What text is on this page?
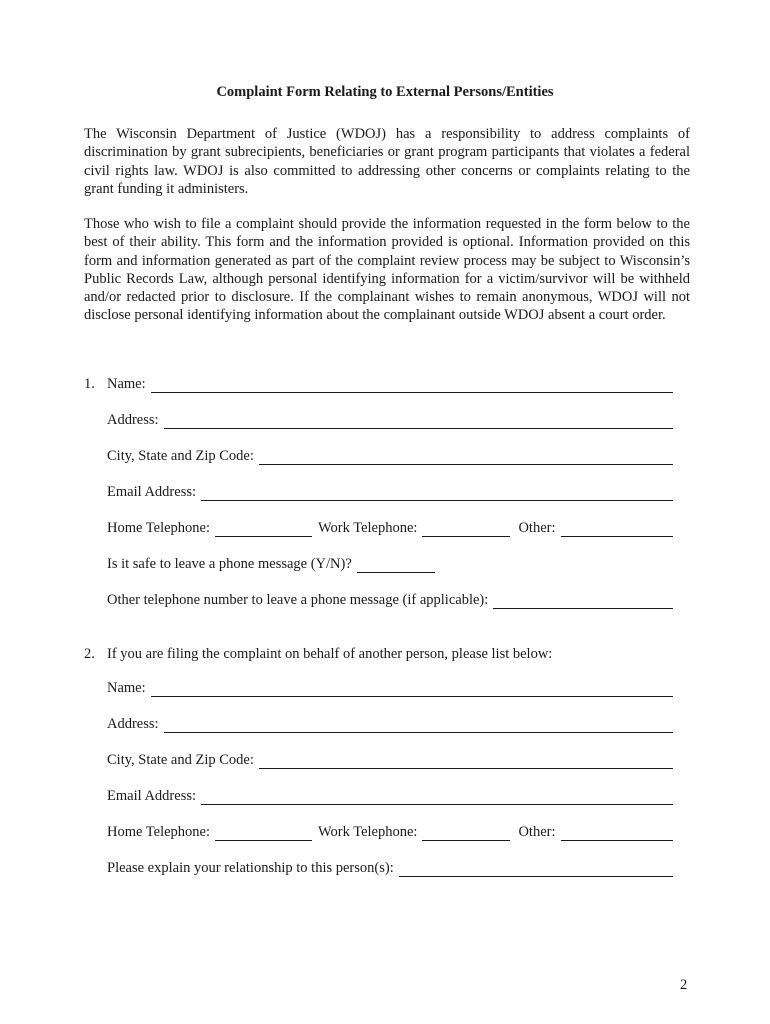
Complaint Form Relating to External Persons/Entities

The Wisconsin Department of Justice (WDOJ) has a responsibility to address complaints of discrimination by grant subrecipients, beneficiaries or grant program participants that violates a federal civil rights law. WDOJ is also committed to addressing other concerns or complaints relating to the grant funding it administers.

Those who wish to file a complaint should provide the information requested in the form below to the best of their ability. This form and the information provided is optional. Information provided on this form and information generated as part of the complaint review process may be subject to Wisconsin’s Public Records Law, although personal identifying information for a victim/survivor will be withheld and/or redacted prior to disclosure. If the complainant wishes to remain anonymous, WDOJ will not disclose personal identifying information about the complainant outside WDOJ absent a court order.

1. Name:
Address:
City, State and Zip Code:
Email Address:
Home Telephone:	Work Telephone:	Other:
Is it safe to leave a phone message (Y/N)?
Other telephone number to leave a phone message (if applicable):
2. If you are filing the complaint on behalf of another person, please list below:
Name:
Address:
City, State and Zip Code:
Email Address:
Home Telephone:	Work Telephone:	Other:
Please explain your relationship to this person(s):
2
